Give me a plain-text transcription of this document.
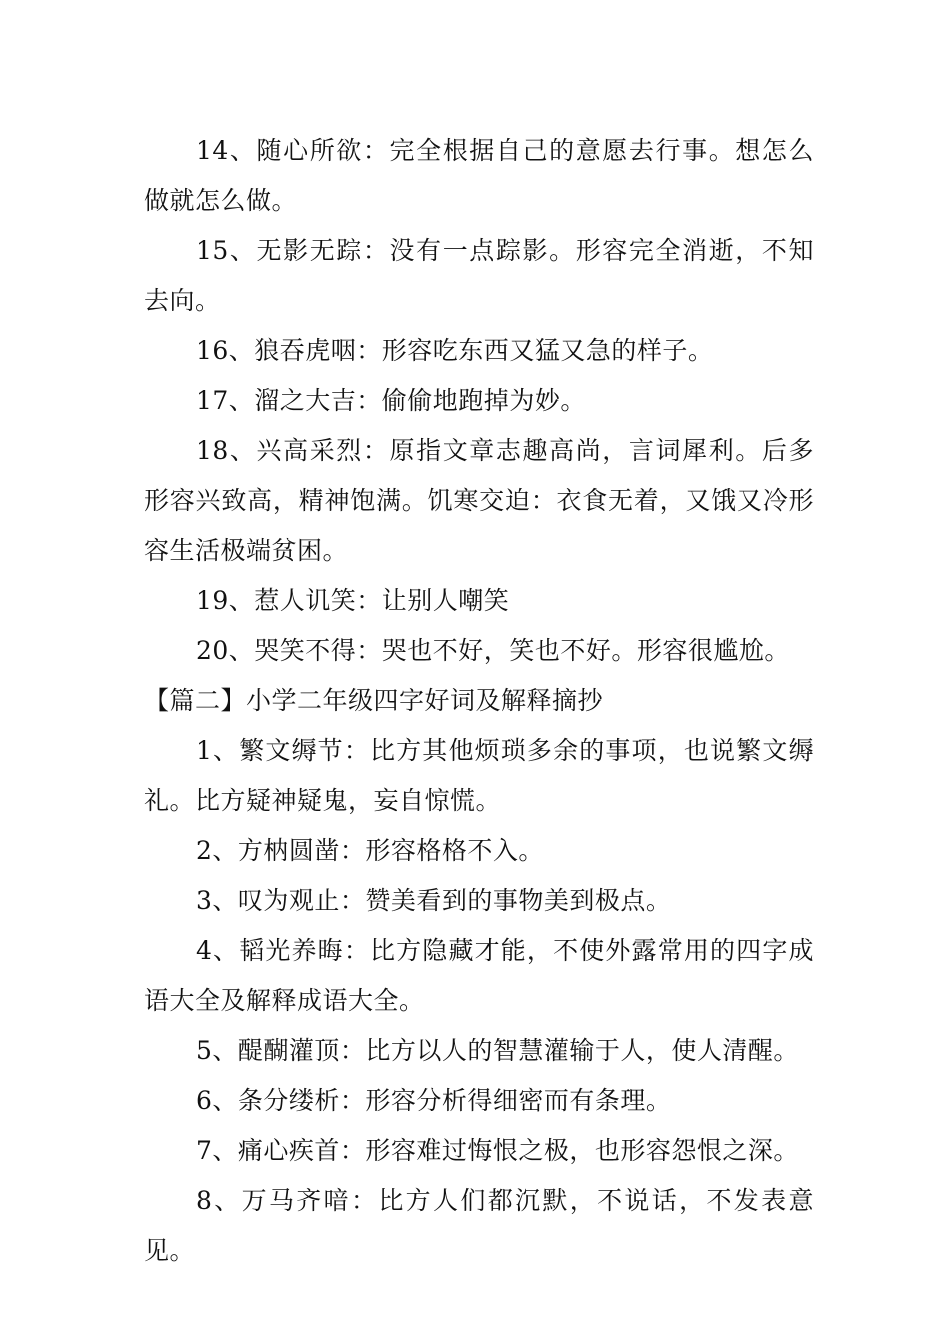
14、随心所欲：完全根据自己的意愿去行事。想怎么做就怎么做。

15、无影无踪：没有一点踪影。形容完全消逝，不知去向。

16、狼吞虎咽：形容吃东西又猛又急的样子。

17、溜之大吉：偷偷地跑掉为妙。

18、兴高采烈：原指文章志趣高尚，言词犀利。后多形容兴致高，精神饱满。饥寒交迫：衣食无着，又饿又冷形容生活极端贫困。

19、惹人讥笑：让别人嘲笑

20、哭笑不得：哭也不好，笑也不好。形容很尴尬。

【篇二】小学二年级四字好词及解释摘抄

1、繁文缛节：比方其他烦琐多余的事项，也说繁文缛礼。比方疑神疑鬼，妄自惊慌。

2、方枘圆凿：形容格格不入。

3、叹为观止：赞美看到的事物美到极点。

4、韬光养晦：比方隐藏才能，不使外露常用的四字成语大全及解释成语大全。

5、醍醐灌顶：比方以人的智慧灌输于人，使人清醒。

6、条分缕析：形容分析得细密而有条理。

7、痛心疾首：形容难过悔恨之极，也形容怨恨之深。

8、万马齐喑：比方人们都沉默，不说话，不发表意见。
